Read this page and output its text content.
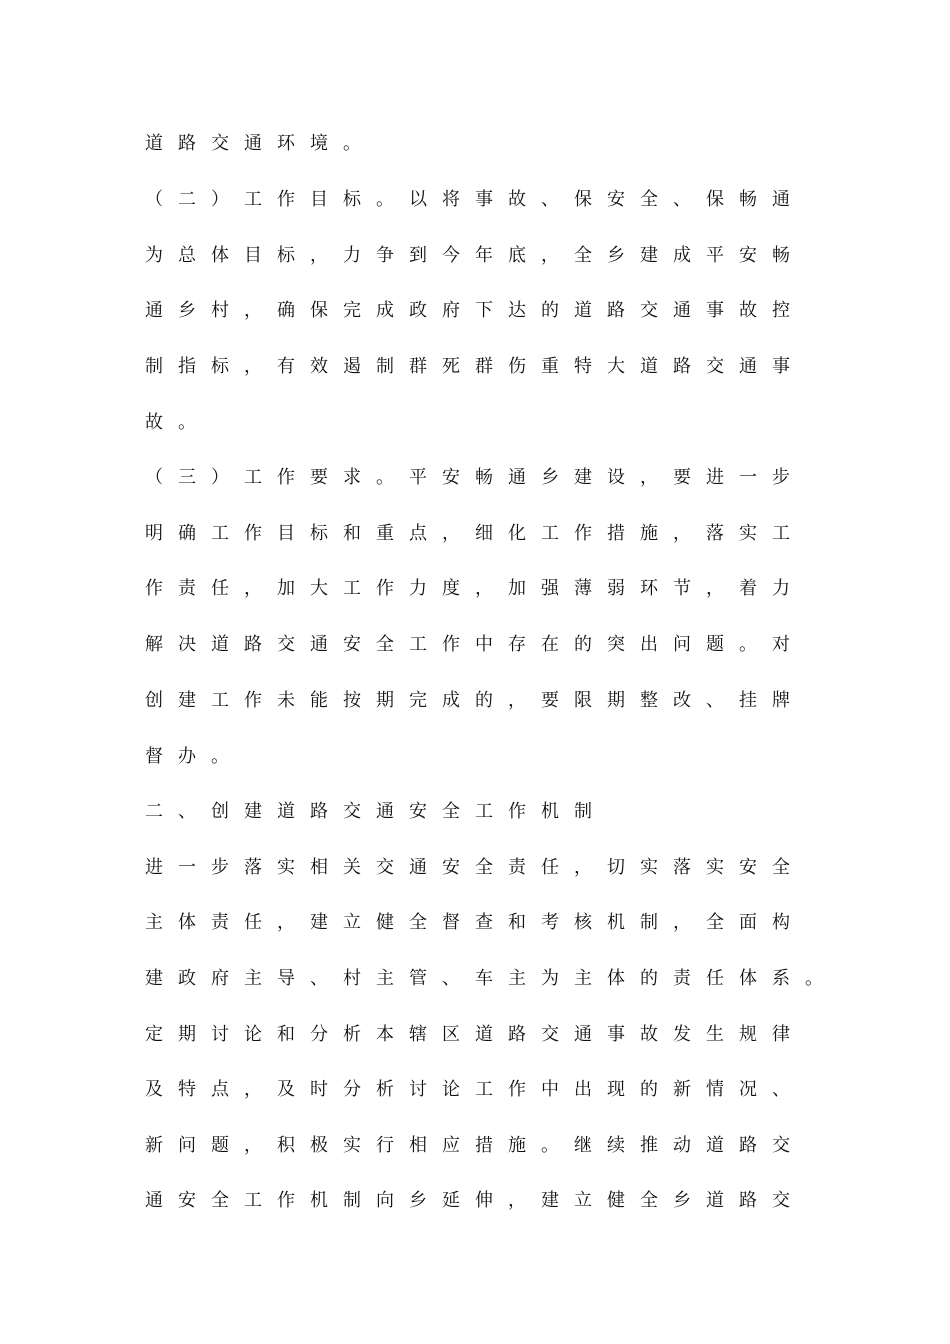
道路交通环境。
（二）工作目标。以将事故、保安全、保畅通
为总体目标，力争到今年底，全乡建成平安畅
通乡村，确保完成政府下达的道路交通事故控
制指标，有效遏制群死群伤重特大道路交通事
故。
（三）工作要求。平安畅通乡建设，要进一步
明确工作目标和重点，细化工作措施，落实工
作责任，加大工作力度，加强薄弱环节，着力
解决道路交通安全工作中存在的突出问题。对
创建工作未能按期完成的，要限期整改、挂牌
督办。
二、创建道路交通安全工作机制
进一步落实相关交通安全责任，切实落实安全
主体责任，建立健全督查和考核机制，全面构
建政府主导、村主管、车主为主体的责任体系。
定期讨论和分析本辖区道路交通事故发生规律
及特点，及时分析讨论工作中出现的新情况、
新问题，积极实行相应措施。继续推动道路交
通安全工作机制向乡延伸，建立健全乡道路交
